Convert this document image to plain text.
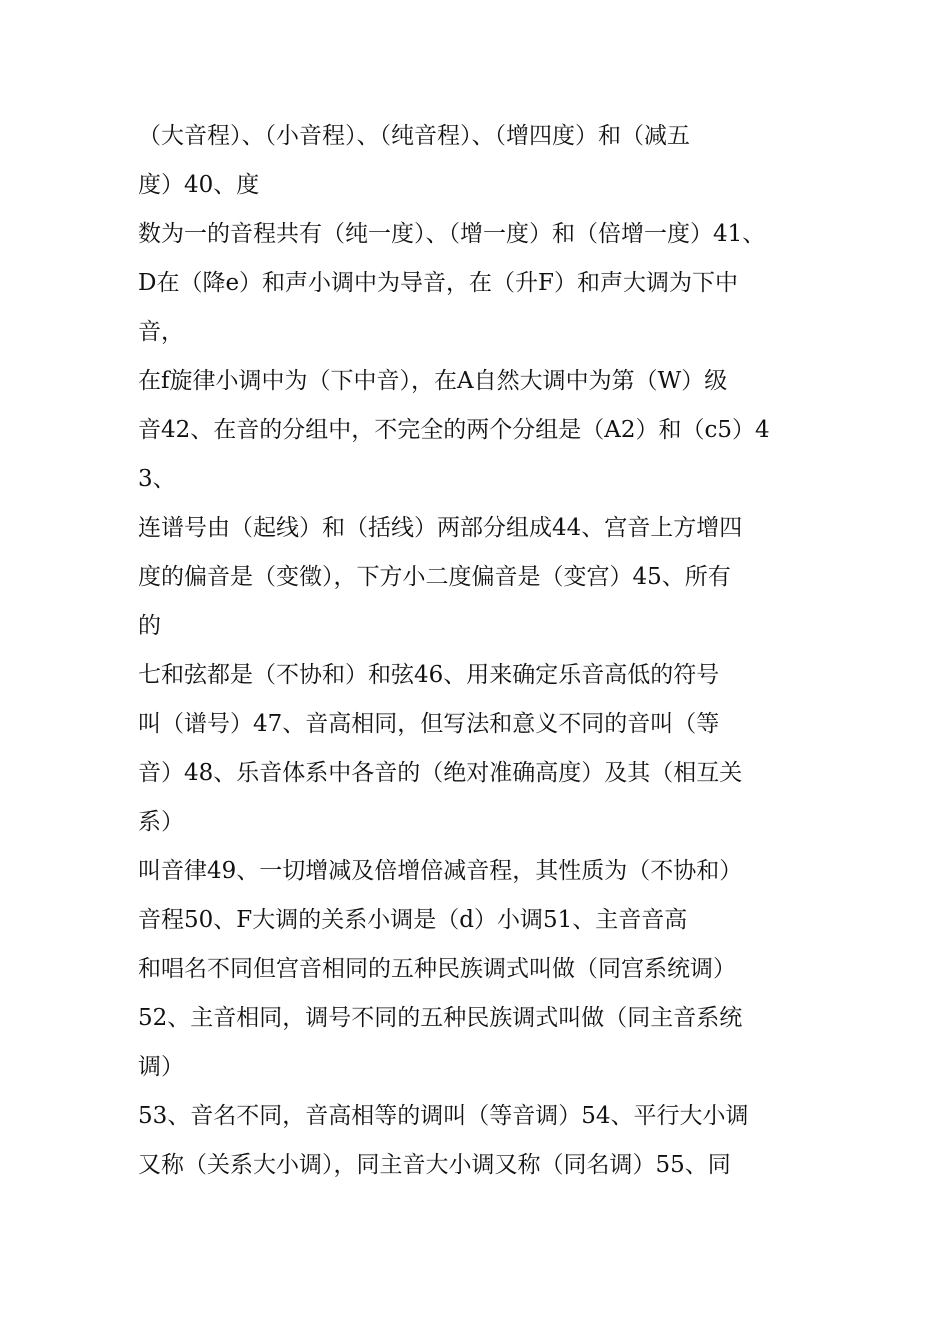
（大音程）、（小音程）、（纯音程）、（增四度）和（减五
度）40、度
数为一的音程共有（纯一度）、（增一度）和（倍增一度）41、
D在（降e）和声小调中为导音，在（升F）和声大调为下中
音，
在f旋律小调中为（下中音），在A自然大调中为第（W）级
音42、在音的分组中，不完全的两个分组是（A2）和（c5）4
3、
连谱号由（起线）和（括线）两部分组成44、宫音上方增四
度的偏音是（变徵），下方小二度偏音是（变宫）45、所有
的
七和弦都是（不协和）和弦46、用来确定乐音高低的符号
叫（谱号）47、音高相同，但写法和意义不同的音叫（等
音）48、乐音体系中各音的（绝对准确高度）及其（相互关
系）
叫音律49、一切增减及倍增倍减音程，其性质为（不协和）
音程50、F大调的关系小调是（d）小调51、主音音高
和唱名不同但宫音相同的五种民族调式叫做（同宫系统调）
52、主音相同，调号不同的五种民族调式叫做（同主音系统
调）
53、音名不同，音高相等的调叫（等音调）54、平行大小调
又称（关系大小调），同主音大小调又称（同名调）55、同
